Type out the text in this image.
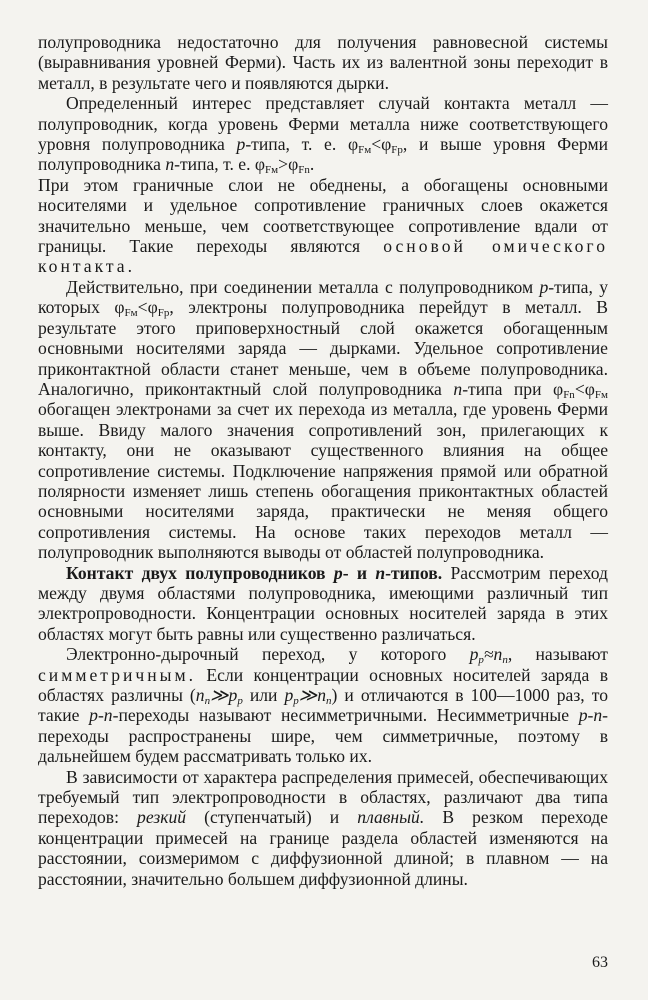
полупроводника недостаточно для получения равновесной системы (выравнивания уровней Ферми). Часть их из валентной зоны переходит в металл, в результате чего и появляются дырки.

Определенный интерес представляет случай контакта металл — полупроводник, когда уровень Ферми металла ниже соответствующего уровня полупроводника p-типа, т. е. $\varphi_{Fм}<\varphi_{Fp}$, и выше уровня Ферми полупроводника n-типа, т. е. $\varphi_{Fм}>\varphi_{Fn}$.

При этом граничные слои не обеднены, а обогащены основными носителями и удельное сопротивление граничных слоев окажется значительно меньше, чем соответствующее сопротивление вдали от границы. Такие переходы являются основой омического контакта.

Действительно, при соединении металла с полупроводником p-типа, у которых $\varphi_{Fм}<\varphi_{Fp}$, электроны полупроводника перейдут в металл. В результате этого приповерхностный слой окажется обогащенным основными носителями заряда — дырками. Удельное сопротивление приконтактной области станет меньше, чем в объеме полупроводника. Аналогично, приконтактный слой полупроводника n-типа при $\varphi_{Fn}<\varphi_{Fм}$ обогащен электронами за счет их перехода из металла, где уровень Ферми выше. Ввиду малого значения сопротивлений зон, прилегающих к контакту, они не оказывают существенного влияния на общее сопротивление системы. Подключение напряжения прямой или обратной полярности изменяет лишь степень обогащения приконтактных областей основными носителями заряда, практически не меняя общего сопротивления системы. На основе таких переходов металл — полупроводник выполняются выводы от областей полупроводника.

Контакт двух полупроводников p- и n-типов. Рассмотрим переход между двумя областями полупроводника, имеющими различный тип электропроводности. Концентрации основных носителей заряда в этих областях могут быть равны или существенно различаться.

Электронно-дырочный переход, у которого $p_p\approx n_n$, называют симметричным. Если концентрации основных носителей заряда в областях различны ($n_n≫p_p$ или $p_p≫n_n$) и отличаются в 100—1000 раз, то такие p-n-переходы называют несимметричными. Несимметричные p-n-переходы распространены шире, чем симметричные, поэтому в дальнейшем будем рассматривать только их.

В зависимости от характера распределения примесей, обеспечивающих требуемый тип электропроводности в областях, различают два типа переходов: резкий (ступенчатый) и плавный. В резком переходе концентрации примесей на границе раздела областей изменяются на расстоянии, соизмеримом с диффузионной длиной; в плавном — на расстоянии, значительно большем диффузионной длины.

63
